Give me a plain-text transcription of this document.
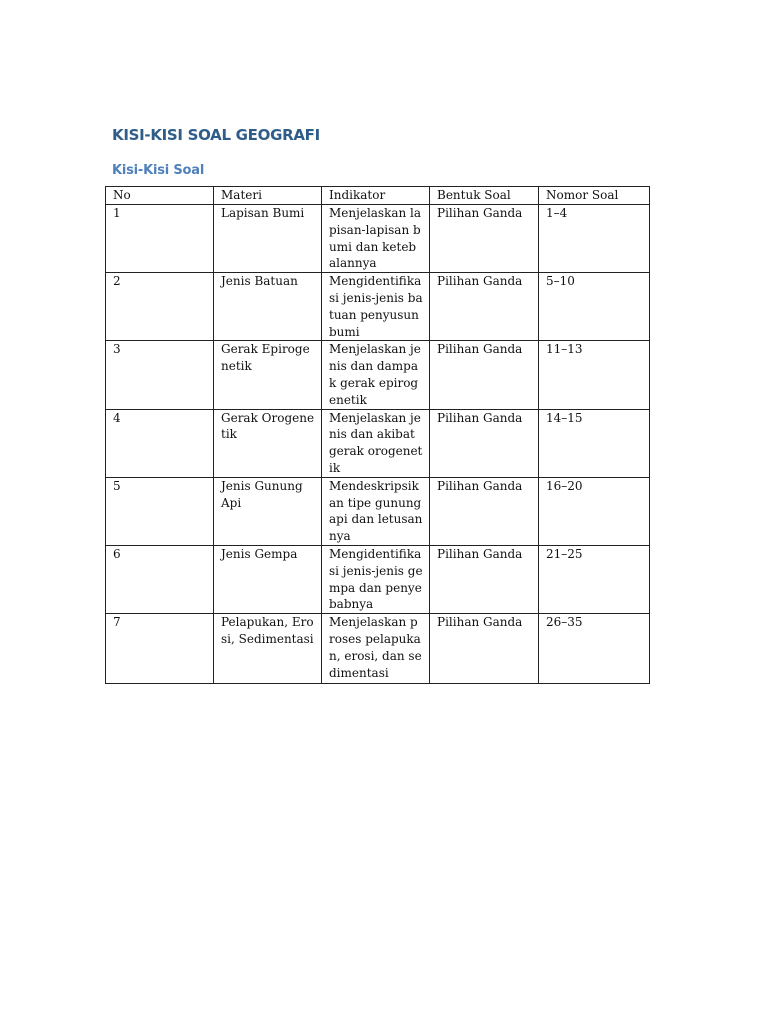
KISI-KISI SOAL GEOGRAFI
Kisi-Kisi Soal
No	Materi	Indikator	Bentuk Soal	Nomor Soal
1	Lapisan Bumi	Menjelaskan lapisan-lapisan bumi dan ketebalannya	Pilihan Ganda	1–4
2	Jenis Batuan	Mengidentifikasi jenis-jenis batuan penyusun bumi	Pilihan Ganda	5–10
3	Gerak Epirogenetik	Menjelaskan jenis dan dampak gerak epirogenetik	Pilihan Ganda	11–13
4	Gerak Orogenetik	Menjelaskan jenis dan akibat gerak orogenetik	Pilihan Ganda	14–15
5	Jenis Gunung Api	Mendeskripsikan tipe gunung api dan letusannya	Pilihan Ganda	16–20
6	Jenis Gempa	Mengidentifikasi jenis-jenis gempa dan penyebabnya	Pilihan Ganda	21–25
7	Pelapukan, Erosi, Sedimentasi	Menjelaskan proses pelapukan, erosi, dan sedimentasi	Pilihan Ganda	26–35
